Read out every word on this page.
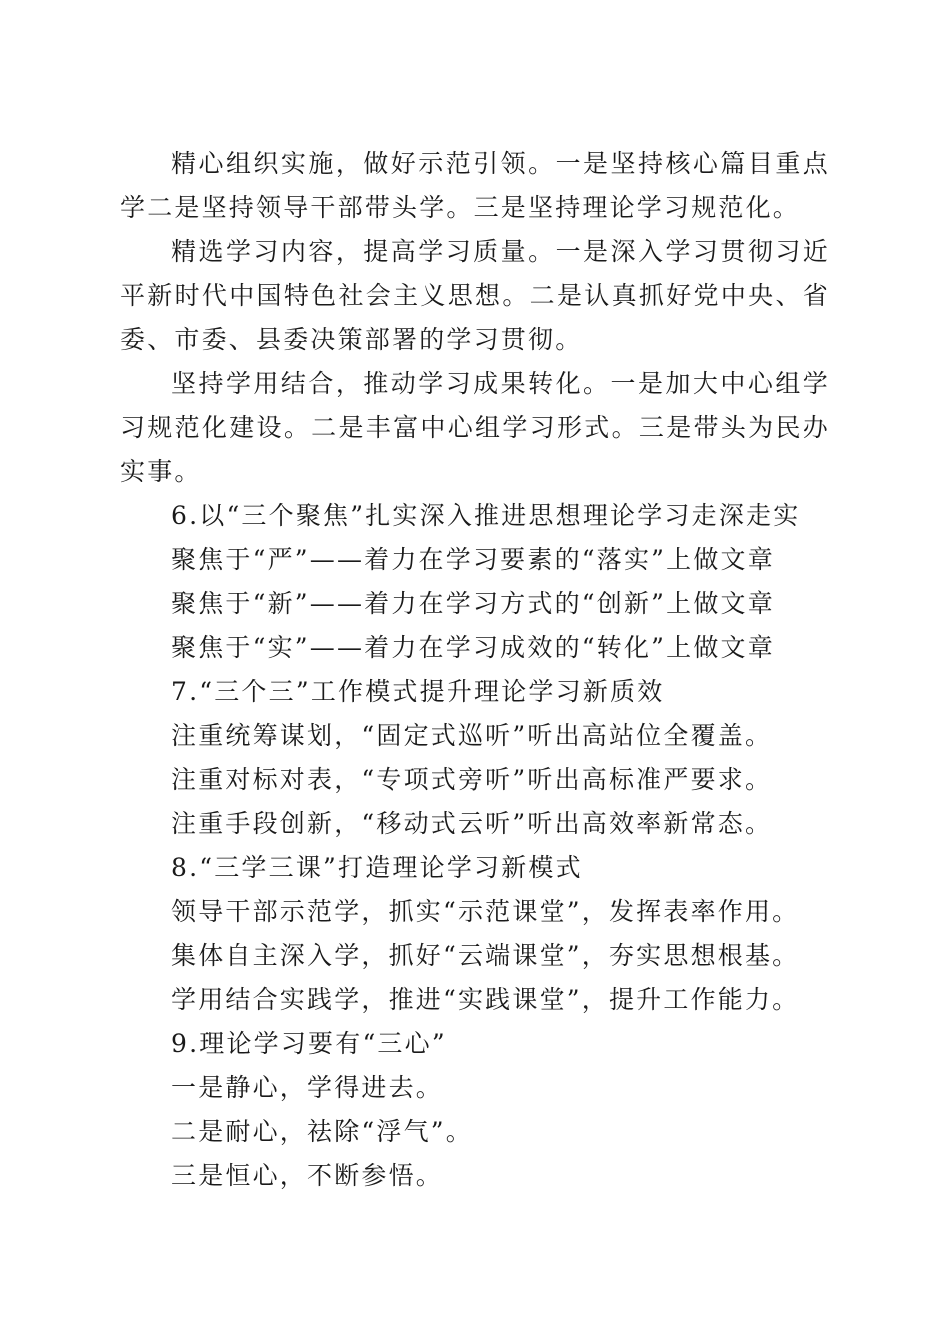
精心组织实施，做好示范引领。一是坚持核心篇目重点学二是坚持领导干部带头学。三是坚持理论学习规范化。

精选学习内容，提高学习质量。一是深入学习贯彻习近平新时代中国特色社会主义思想。二是认真抓好党中央、省委、市委、县委决策部署的学习贯彻。

坚持学用结合，推动学习成果转化。一是加大中心组学习规范化建设。二是丰富中心组学习形式。三是带头为民办实事。

6.以“三个聚焦”扎实深入推进思想理论学习走深走实

聚焦于“严”——着力在学习要素的“落实”上做文章

聚焦于“新”——着力在学习方式的“创新”上做文章

聚焦于“实”——着力在学习成效的“转化”上做文章

7.“三个三”工作模式提升理论学习新质效

注重统筹谋划，“固定式巡听”听出高站位全覆盖。

注重对标对表，“专项式旁听”听出高标准严要求。

注重手段创新，“移动式云听”听出高效率新常态。

8.“三学三课”打造理论学习新模式

领导干部示范学，抓实“示范课堂”，发挥表率作用。

集体自主深入学，抓好“云端课堂”，夯实思想根基。

学用结合实践学，推进“实践课堂”，提升工作能力。

9.理论学习要有“三心”

一是静心，学得进去。

二是耐心，祛除“浮气”。

三是恒心，不断参悟。
